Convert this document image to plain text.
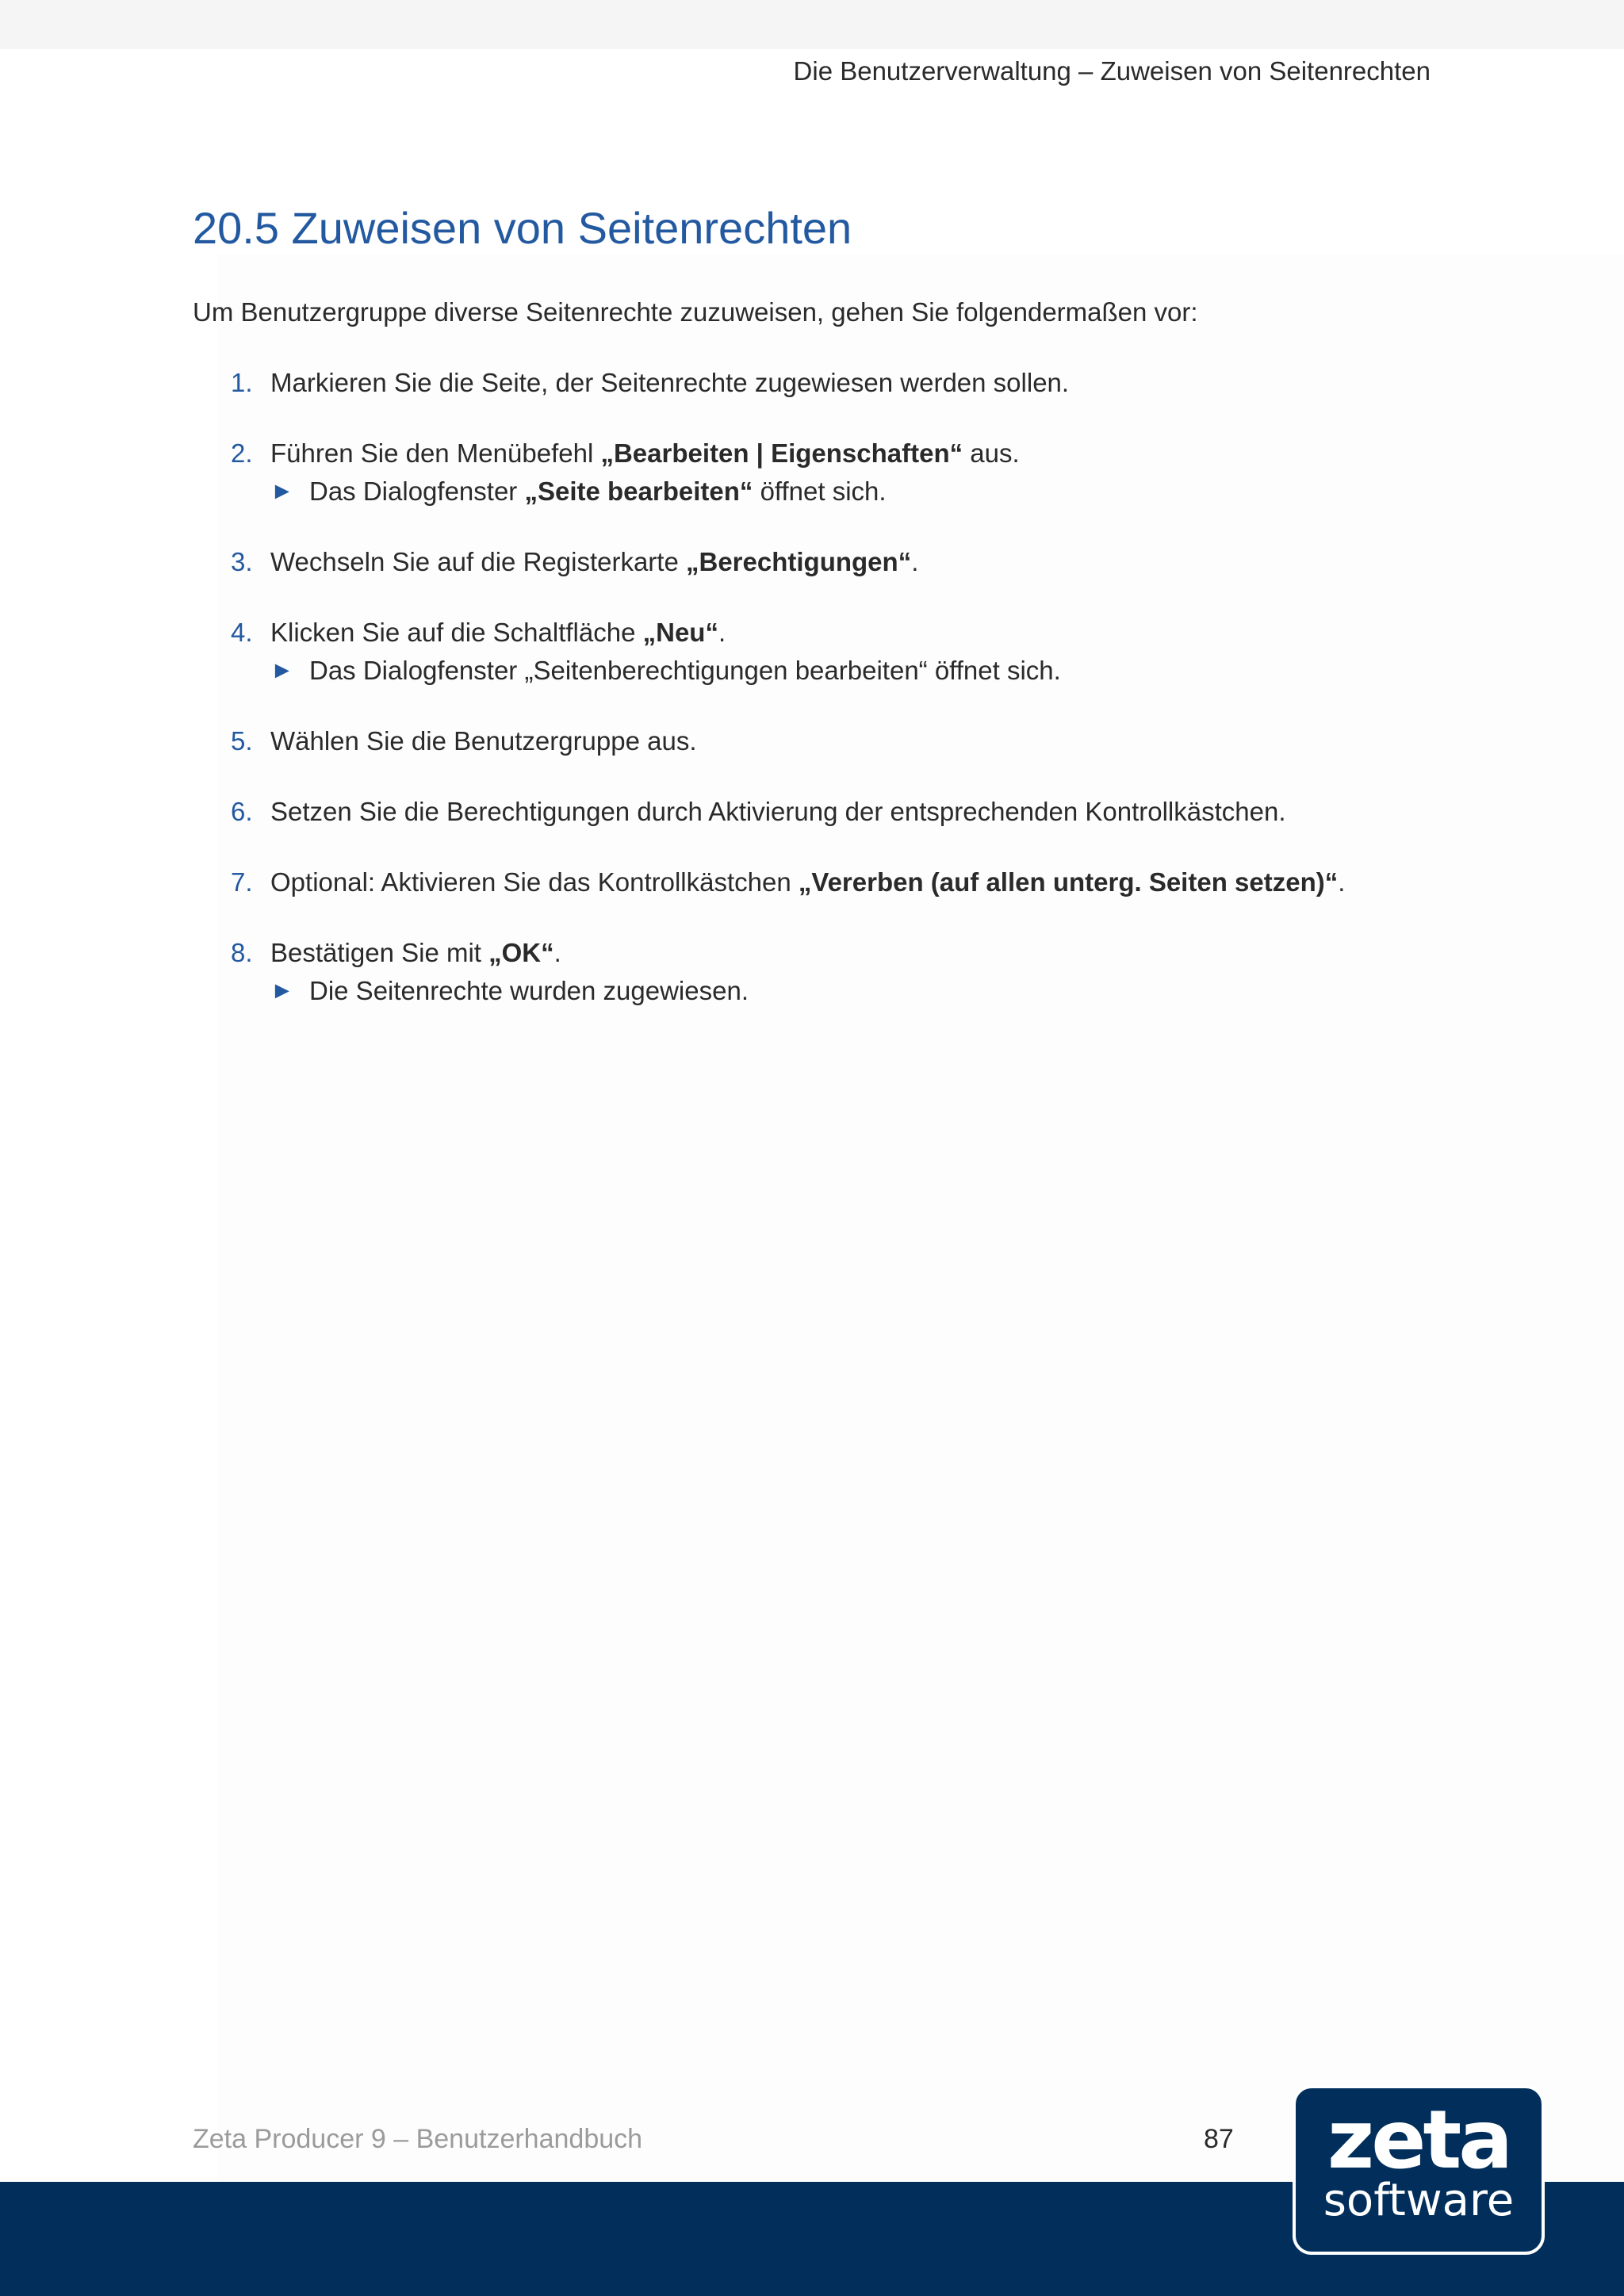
Die Benutzerverwaltung – Zuweisen von Seitenrechten
20.5 Zuweisen von Seitenrechten

Um Benutzergruppe diverse Seitenrechte zuzuweisen, gehen Sie folgendermaßen vor:

1. Markieren Sie die Seite, der Seitenrechte zugewiesen werden sollen.
2. Führen Sie den Menübefehl „Bearbeiten | Eigenschaften“ aus.
► Das Dialogfenster „Seite bearbeiten“ öffnet sich.
3. Wechseln Sie auf die Registerkarte „Berechtigungen“.
4. Klicken Sie auf die Schaltfläche „Neu“.
► Das Dialogfenster „Seitenberechtigungen bearbeiten“ öffnet sich.
5. Wählen Sie die Benutzergruppe aus.
6. Setzen Sie die Berechtigungen durch Aktivierung der entsprechenden Kontrollkästchen.
7. Optional: Aktivieren Sie das Kontrollkästchen „Vererben (auf allen unterg. Seiten setzen)“.
8. Bestätigen Sie mit „OK“.
► Die Seitenrechte wurden zugewiesen.
Zeta Producer 9 – Benutzerhandbuch	87	zeta
software
